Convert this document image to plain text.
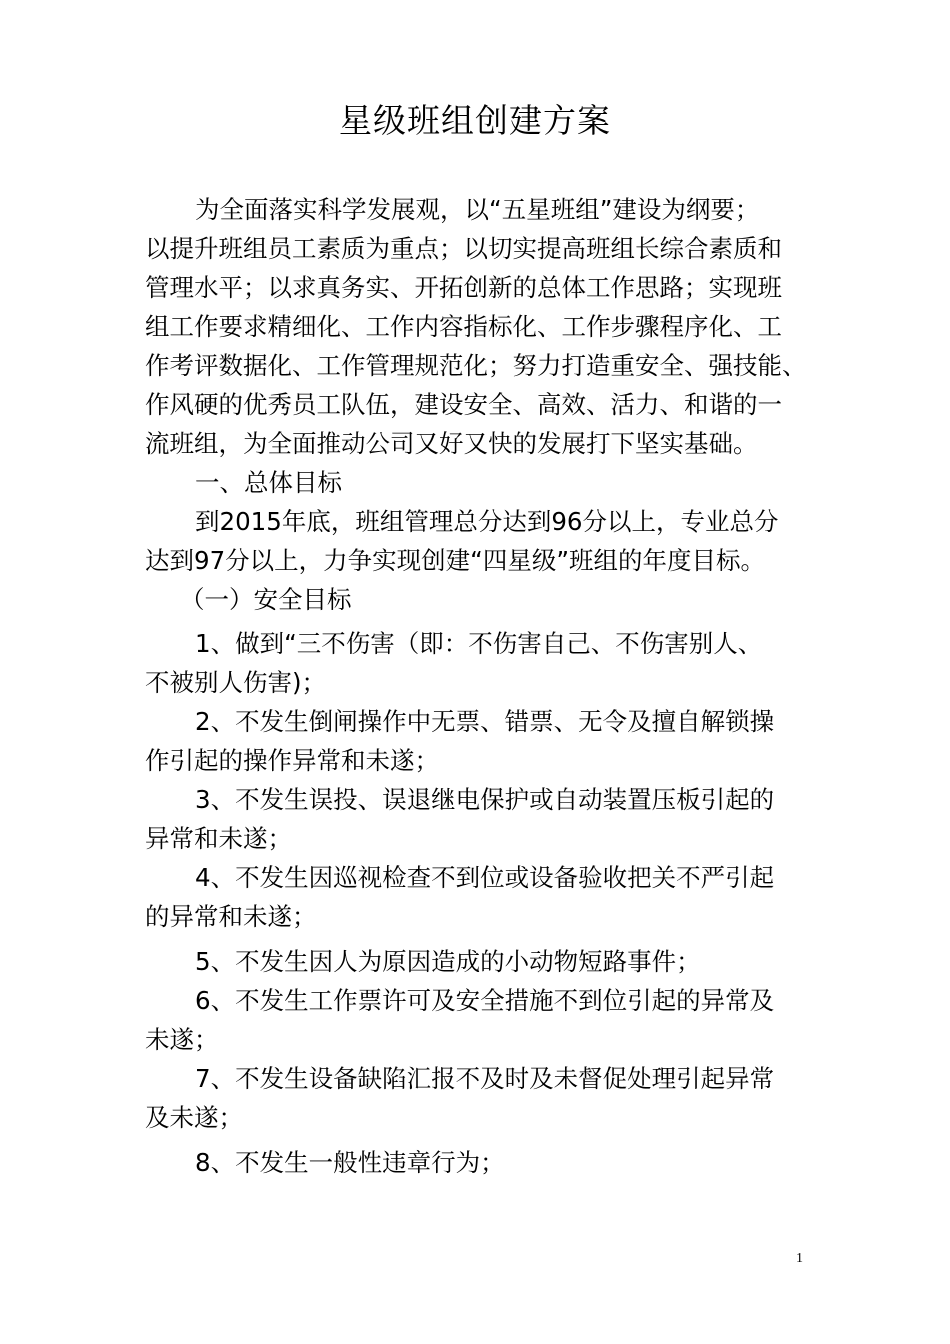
星级班组创建方案
为全面落实科学发展观，以“五星班组”建设为纲要；
以提升班组员工素质为重点；以切实提高班组长综合素质和
管理水平；以求真务实、开拓创新的总体工作思路；实现班
组工作要求精细化、工作内容指标化、工作步骤程序化、工
作考评数据化、工作管理规范化；努力打造重安全、强技能、
作风硬的优秀员工队伍，建设安全、高效、活力、和谐的一
流班组，为全面推动公司又好又快的发展打下坚实基础。
一、总体目标
到2015年底，班组管理总分达到96分以上，专业总分
达到97分以上，力争实现创建“四星级”班组的年度目标。
（一）安全目标
1、做到“三不伤害（即：不伤害自己、不伤害别人、
不被别人伤害)；
2、不发生倒闸操作中无票、错票、无令及擅自解锁操
作引起的操作异常和未遂；
3、不发生误投、误退继电保护或自动装置压板引起的
异常和未遂；
4、不发生因巡视检查不到位或设备验收把关不严引起
的异常和未遂；
5、不发生因人为原因造成的小动物短路事件；
6、不发生工作票许可及安全措施不到位引起的异常及
未遂；
7、不发生设备缺陷汇报不及时及未督促处理引起异常
及未遂；
8、不发生一般性违章行为；
1
